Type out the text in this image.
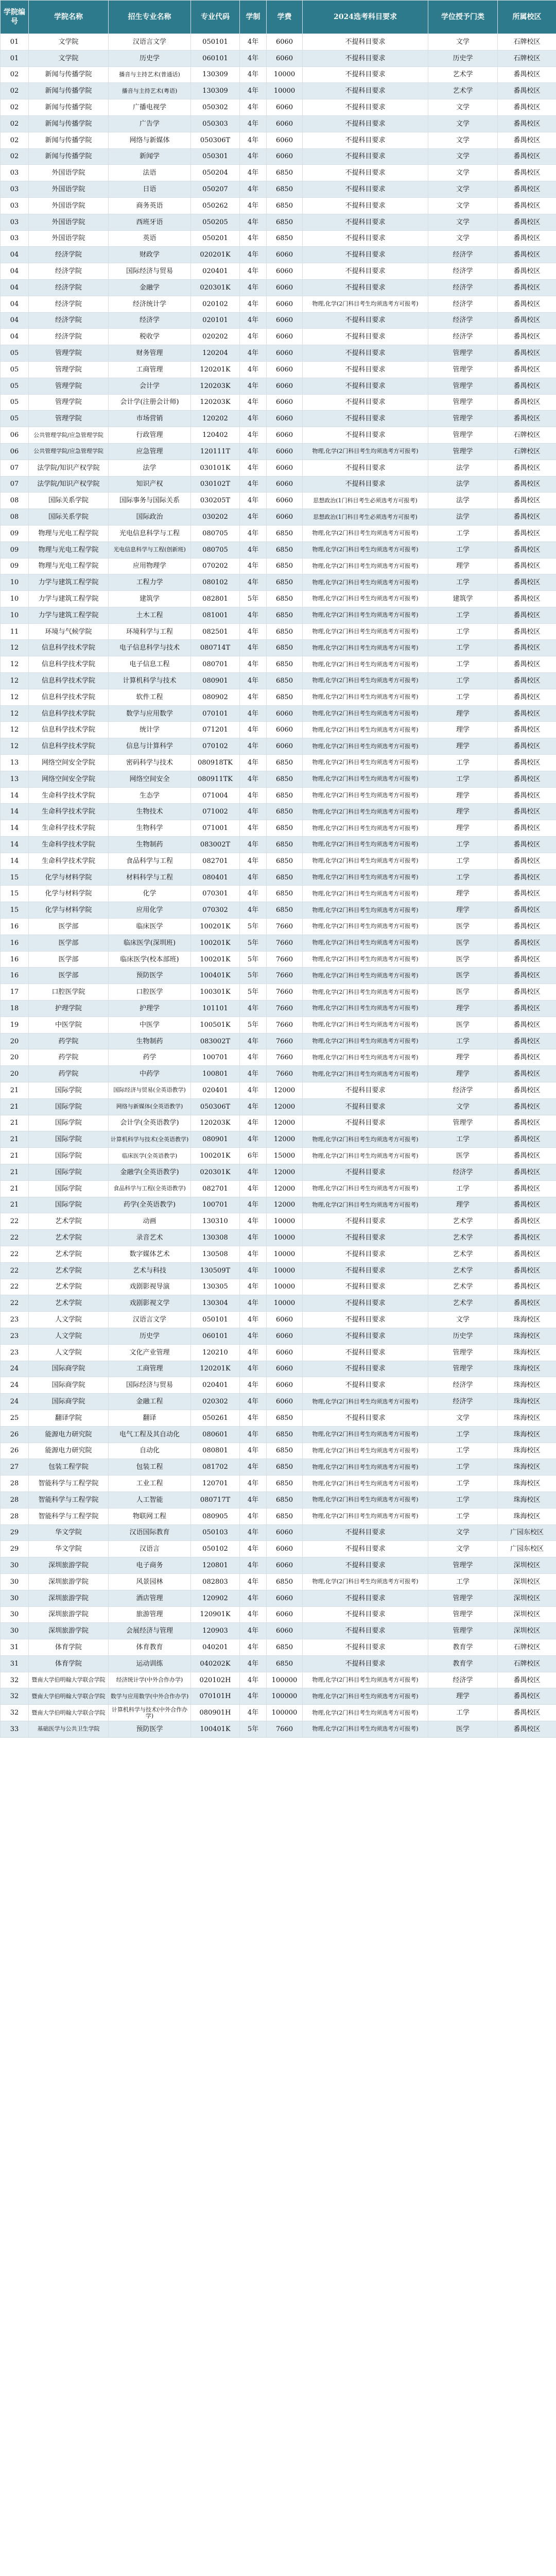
学院编号	学院名称	招生专业名称	专业代码	学制	学费	2024选考科目要求	学位授予门类	所属校区
01	文学院	汉语言文学	050101	4年	6060	不提科目要求	文学	石牌校区
01	文学院	历史学	060101	4年	6060	不提科目要求	历史学	石牌校区
02	新闻与传播学院	播音与主持艺术(普通话)	130309	4年	10000	不提科目要求	艺术学	番禺校区
02	新闻与传播学院	播音与主持艺术(粤语)	130309	4年	10000	不提科目要求	艺术学	番禺校区
02	新闻与传播学院	广播电视学	050302	4年	6060	不提科目要求	文学	番禺校区
02	新闻与传播学院	广告学	050303	4年	6060	不提科目要求	文学	番禺校区
02	新闻与传播学院	网络与新媒体	050306T	4年	6060	不提科目要求	文学	番禺校区
02	新闻与传播学院	新闻学	050301	4年	6060	不提科目要求	文学	番禺校区
03	外国语学院	法语	050204	4年	6850	不提科目要求	文学	番禺校区
03	外国语学院	日语	050207	4年	6850	不提科目要求	文学	番禺校区
03	外国语学院	商务英语	050262	4年	6850	不提科目要求	文学	番禺校区
03	外国语学院	西班牙语	050205	4年	6850	不提科目要求	文学	番禺校区
03	外国语学院	英语	050201	4年	6850	不提科目要求	文学	番禺校区
04	经济学院	财政学	020201K	4年	6060	不提科目要求	经济学	番禺校区
04	经济学院	国际经济与贸易	020401	4年	6060	不提科目要求	经济学	番禺校区
04	经济学院	金融学	020301K	4年	6060	不提科目要求	经济学	番禺校区
04	经济学院	经济统计学	020102	4年	6060	物理,化学(2门科目考生均须选考方可报考)	经济学	番禺校区
04	经济学院	经济学	020101	4年	6060	不提科目要求	经济学	番禺校区
04	经济学院	税收学	020202	4年	6060	不提科目要求	经济学	番禺校区
05	管理学院	财务管理	120204	4年	6060	不提科目要求	管理学	番禺校区
05	管理学院	工商管理	120201K	4年	6060	不提科目要求	管理学	番禺校区
05	管理学院	会计学	120203K	4年	6060	不提科目要求	管理学	番禺校区
05	管理学院	会计学(注册会计师)	120203K	4年	6060	不提科目要求	管理学	番禺校区
05	管理学院	市场营销	120202	4年	6060	不提科目要求	管理学	番禺校区
06	公共管理学院/应急管理学院	行政管理	120402	4年	6060	不提科目要求	管理学	石牌校区
06	公共管理学院/应急管理学院	应急管理	120111T	4年	6060	物理,化学(2门科目考生均须选考方可报考)	管理学	石牌校区
07	法学院/知识产权学院	法学	030101K	4年	6060	不提科目要求	法学	番禺校区
07	法学院/知识产权学院	知识产权	030102T	4年	6060	不提科目要求	法学	番禺校区
08	国际关系学院	国际事务与国际关系	030205T	4年	6060	思想政治(1门科目考生必须选考方可报考)	法学	番禺校区
08	国际关系学院	国际政治	030202	4年	6060	思想政治(1门科目考生必须选考方可报考)	法学	番禺校区
09	物理与光电工程学院	光电信息科学与工程	080705	4年	6850	物理,化学(2门科目考生均须选考方可报考)	工学	番禺校区
09	物理与光电工程学院	光电信息科学与工程(创新班)	080705	4年	6850	物理,化学(2门科目考生均须选考方可报考)	工学	番禺校区
09	物理与光电工程学院	应用物理学	070202	4年	6850	物理,化学(2门科目考生均须选考方可报考)	理学	番禺校区
10	力学与建筑工程学院	工程力学	080102	4年	6850	物理,化学(2门科目考生均须选考方可报考)	工学	番禺校区
10	力学与建筑工程学院	建筑学	082801	5年	6850	物理,化学(2门科目考生均须选考方可报考)	建筑学	番禺校区
10	力学与建筑工程学院	土木工程	081001	4年	6850	物理,化学(2门科目考生均须选考方可报考)	工学	番禺校区
11	环境与气候学院	环境科学与工程	082501	4年	6850	物理,化学(2门科目考生均须选考方可报考)	工学	番禺校区
12	信息科学技术学院	电子信息科学与技术	080714T	4年	6850	物理,化学(2门科目考生均须选考方可报考)	工学	番禺校区
12	信息科学技术学院	电子信息工程	080701	4年	6850	物理,化学(2门科目考生均须选考方可报考)	工学	番禺校区
12	信息科学技术学院	计算机科学与技术	080901	4年	6850	物理,化学(2门科目考生均须选考方可报考)	工学	番禺校区
12	信息科学技术学院	软件工程	080902	4年	6850	物理,化学(2门科目考生均须选考方可报考)	工学	番禺校区
12	信息科学技术学院	数学与应用数学	070101	4年	6060	物理,化学(2门科目考生均须选考方可报考)	理学	番禺校区
12	信息科学技术学院	统计学	071201	4年	6060	物理,化学(2门科目考生均须选考方可报考)	理学	番禺校区
12	信息科学技术学院	信息与计算科学	070102	4年	6060	物理,化学(2门科目考生均须选考方可报考)	理学	番禺校区
13	网络空间安全学院	密码科学与技术	080918TK	4年	6850	物理,化学(2门科目考生均须选考方可报考)	工学	番禺校区
13	网络空间安全学院	网络空间安全	080911TK	4年	6850	物理,化学(2门科目考生均须选考方可报考)	工学	番禺校区
14	生命科学技术学院	生态学	071004	4年	6850	物理,化学(2门科目考生均须选考方可报考)	理学	番禺校区
14	生命科学技术学院	生物技术	071002	4年	6850	物理,化学(2门科目考生均须选考方可报考)	理学	番禺校区
14	生命科学技术学院	生物科学	071001	4年	6850	物理,化学(2门科目考生均须选考方可报考)	理学	番禺校区
14	生命科学技术学院	生物制药	083002T	4年	6850	物理,化学(2门科目考生均须选考方可报考)	工学	番禺校区
14	生命科学技术学院	食品科学与工程	082701	4年	6850	物理,化学(2门科目考生均须选考方可报考)	工学	番禺校区
15	化学与材料学院	材料科学与工程	080401	4年	6850	物理,化学(2门科目考生均须选考方可报考)	工学	番禺校区
15	化学与材料学院	化学	070301	4年	6850	物理,化学(2门科目考生均须选考方可报考)	理学	番禺校区
15	化学与材料学院	应用化学	070302	4年	6850	物理,化学(2门科目考生均须选考方可报考)	理学	番禺校区
16	医学部	临床医学	100201K	5年	7660	物理,化学(2门科目考生均须选考方可报考)	医学	番禺校区
16	医学部	临床医学(深圳班)	100201K	5年	7660	物理,化学(2门科目考生均须选考方可报考)	医学	番禺校区
16	医学部	临床医学(校本部班)	100201K	5年	7660	物理,化学(2门科目考生均须选考方可报考)	医学	番禺校区
16	医学部	预防医学	100401K	5年	7660	物理,化学(2门科目考生均须选考方可报考)	医学	番禺校区
17	口腔医学院	口腔医学	100301K	5年	7660	物理,化学(2门科目考生均须选考方可报考)	医学	番禺校区
18	护理学院	护理学	101101	4年	7660	物理,化学(2门科目考生均须选考方可报考)	理学	番禺校区
19	中医学院	中医学	100501K	5年	7660	物理,化学(2门科目考生均须选考方可报考)	医学	番禺校区
20	药学院	生物制药	083002T	4年	7660	物理,化学(2门科目考生均须选考方可报考)	工学	番禺校区
20	药学院	药学	100701	4年	7660	物理,化学(2门科目考生均须选考方可报考)	理学	番禺校区
20	药学院	中药学	100801	4年	7660	物理,化学(2门科目考生均须选考方可报考)	理学	番禺校区
21	国际学院	国际经济与贸易(全英语教学)	020401	4年	12000	不提科目要求	经济学	番禺校区
21	国际学院	网络与新媒体(全英语教学)	050306T	4年	12000	不提科目要求	文学	番禺校区
21	国际学院	会计学(全英语教学)	120203K	4年	12000	不提科目要求	管理学	番禺校区
21	国际学院	计算机科学与技术(全英语教学)	080901	4年	12000	物理,化学(2门科目考生均须选考方可报考)	工学	番禺校区
21	国际学院	临床医学(全英语教学)	100201K	6年	15000	物理,化学(2门科目考生均须选考方可报考)	医学	番禺校区
21	国际学院	金融学(全英语教学)	020301K	4年	12000	不提科目要求	经济学	番禺校区
21	国际学院	食品科学与工程(全英语教学)	082701	4年	12000	物理,化学(2门科目考生均须选考方可报考)	工学	番禺校区
21	国际学院	药学(全英语教学)	100701	4年	12000	物理,化学(2门科目考生均须选考方可报考)	理学	番禺校区
22	艺术学院	动画	130310	4年	10000	不提科目要求	艺术学	番禺校区
22	艺术学院	录音艺术	130308	4年	10000	不提科目要求	艺术学	番禺校区
22	艺术学院	数字媒体艺术	130508	4年	10000	不提科目要求	艺术学	番禺校区
22	艺术学院	艺术与科技	130509T	4年	10000	不提科目要求	艺术学	番禺校区
22	艺术学院	戏剧影视导演	130305	4年	10000	不提科目要求	艺术学	番禺校区
22	艺术学院	戏剧影视文学	130304	4年	10000	不提科目要求	艺术学	番禺校区
23	人文学院	汉语言文学	050101	4年	6060	不提科目要求	文学	珠海校区
23	人文学院	历史学	060101	4年	6060	不提科目要求	历史学	珠海校区
23	人文学院	文化产业管理	120210	4年	6060	不提科目要求	管理学	珠海校区
24	国际商学院	工商管理	120201K	4年	6060	不提科目要求	管理学	珠海校区
24	国际商学院	国际经济与贸易	020401	4年	6060	不提科目要求	经济学	珠海校区
24	国际商学院	金融工程	020302	4年	6060	物理,化学(2门科目考生均须选考方可报考)	经济学	珠海校区
25	翻译学院	翻译	050261	4年	6850	不提科目要求	文学	珠海校区
26	能源电力研究院	电气工程及其自动化	080601	4年	6850	物理,化学(2门科目考生均须选考方可报考)	工学	珠海校区
26	能源电力研究院	自动化	080801	4年	6850	物理,化学(2门科目考生均须选考方可报考)	工学	珠海校区
27	包装工程学院	包装工程	081702	4年	6850	物理,化学(2门科目考生均须选考方可报考)	工学	珠海校区
28	智能科学与工程学院	工业工程	120701	4年	6850	物理,化学(2门科目考生均须选考方可报考)	工学	珠海校区
28	智能科学与工程学院	人工智能	080717T	4年	6850	物理,化学(2门科目考生均须选考方可报考)	工学	珠海校区
28	智能科学与工程学院	物联网工程	080905	4年	6850	物理,化学(2门科目考生均须选考方可报考)	工学	珠海校区
29	华文学院	汉语国际教育	050103	4年	6060	不提科目要求	文学	广园东校区
29	华文学院	汉语言	050102	4年	6060	不提科目要求	文学	广园东校区
30	深圳旅游学院	电子商务	120801	4年	6060	不提科目要求	管理学	深圳校区
30	深圳旅游学院	风景园林	082803	4年	6850	物理,化学(2门科目考生均须选考方可报考)	工学	深圳校区
30	深圳旅游学院	酒店管理	120902	4年	6060	不提科目要求	管理学	深圳校区
30	深圳旅游学院	旅游管理	120901K	4年	6060	不提科目要求	管理学	深圳校区
30	深圳旅游学院	会展经济与管理	120903	4年	6060	不提科目要求	管理学	深圳校区
31	体育学院	体育教育	040201	4年	6850	不提科目要求	教育学	石牌校区
31	体育学院	运动训练	040202K	4年	6850	不提科目要求	教育学	石牌校区
32	暨南大学伯明翰大学联合学院	经济统计学(中外合作办学)	020102H	4年	100000	物理,化学(2门科目考生均须选考方可报考)	经济学	番禺校区
32	暨南大学伯明翰大学联合学院	数学与应用数学(中外合作办学)	070101H	4年	100000	物理,化学(2门科目考生均须选考方可报考)	理学	番禺校区
32	暨南大学伯明翰大学联合学院	计算机科学与技术(中外合作办学)	080901H	4年	100000	物理,化学(2门科目考生均须选考方可报考)	工学	番禺校区
33	基础医学与公共卫生学院	预防医学	100401K	5年	7660	物理,化学(2门科目考生均须选考方可报考)	医学	番禺校区
